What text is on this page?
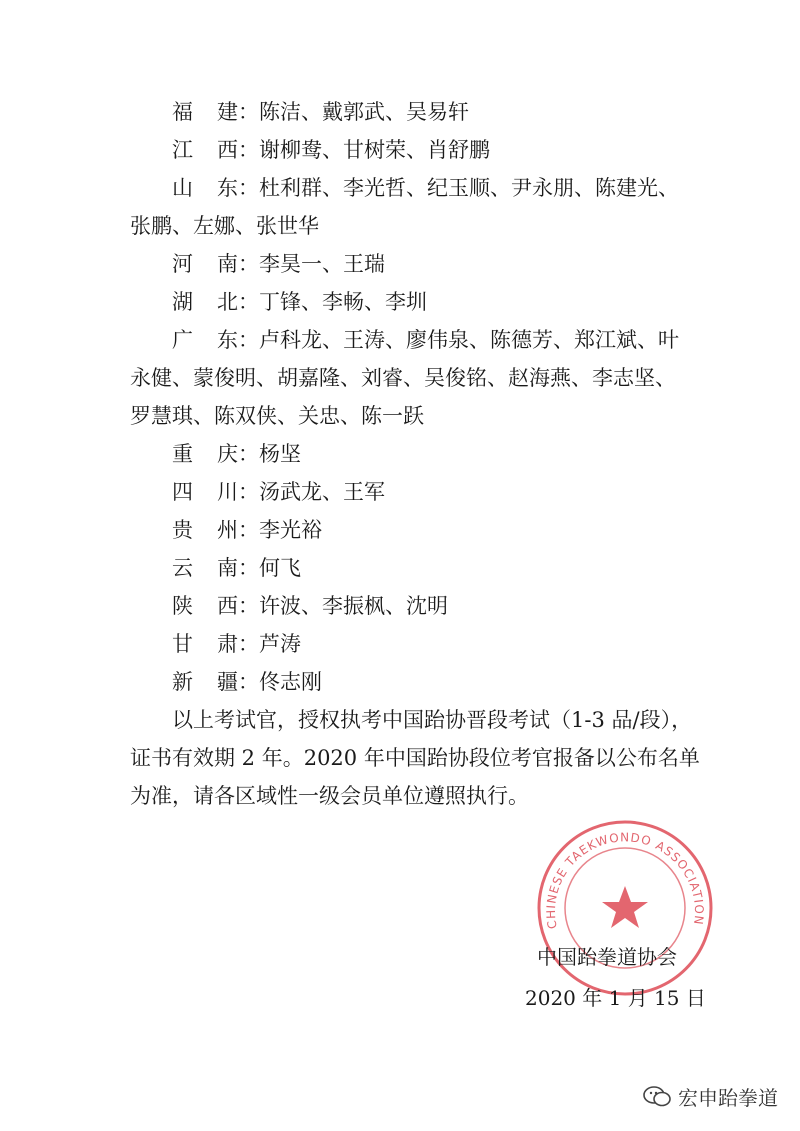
福　建：陈洁、戴郭武、吴易轩
江　西：谢柳鸯、甘树荣、肖舒鹏
山　东：杜利群、李光哲、纪玉顺、尹永朋、陈建光、
张鹏、左娜、张世华
河　南：李昊一、王瑞
湖　北：丁锋、李畅、李圳
广　东：卢科龙、王涛、廖伟泉、陈德芳、郑江斌、叶
永健、蒙俊明、胡嘉隆、刘睿、吴俊铭、赵海燕、李志坚、
罗慧琪、陈双侠、关忠、陈一跃
重　庆：杨坚
四　川：汤武龙、王军
贵　州：李光裕
云　南：何飞
陕　西：许波、李振枫、沈明
甘　肃：芦涛
新　疆：佟志刚
以上考试官，授权执考中国跆协晋段考试（1-3 品/段），
证书有效期 2 年。2020 年中国跆协段位考官报备以公布名单
为准，请各区域性一级会员单位遵照执行。
CHINESE TAEKWONDO ASSOCIATION
中国跆拳道协会
2020 年 1 月 15 日
宏申跆拳道
